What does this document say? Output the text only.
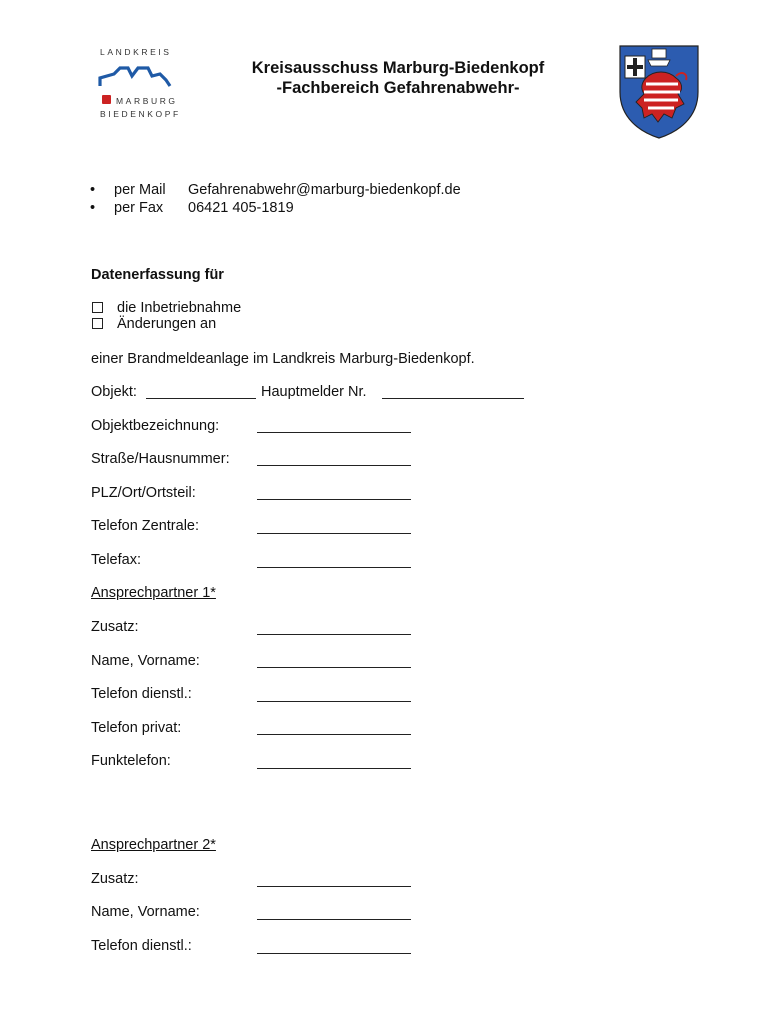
LANDKREIS
MARBURG
BIEDENKOPF
Kreisausschuss Marburg-Biedenkopf
-Fachbereich Gefahrenabwehr-
• per Mail Gefahrenabwehr@marburg-biedenkopf.de
• per Fax 06421 405-1819
Datenerfassung für
die Inbetriebnahme
Änderungen an
einer Brandmeldeanlage im Landkreis Marburg-Biedenkopf.
Objekt:	Hauptmelder Nr.
Objektbezeichnung:
Straße/Hausnummer:
PLZ/Ort/Ortsteil:
Telefon Zentrale:
Telefax:
Ansprechpartner 1*
Zusatz:
Name, Vorname:
Telefon dienstl.:
Telefon privat:
Funktelefon:
Ansprechpartner 2*
Zusatz:
Name, Vorname:
Telefon dienstl.:
